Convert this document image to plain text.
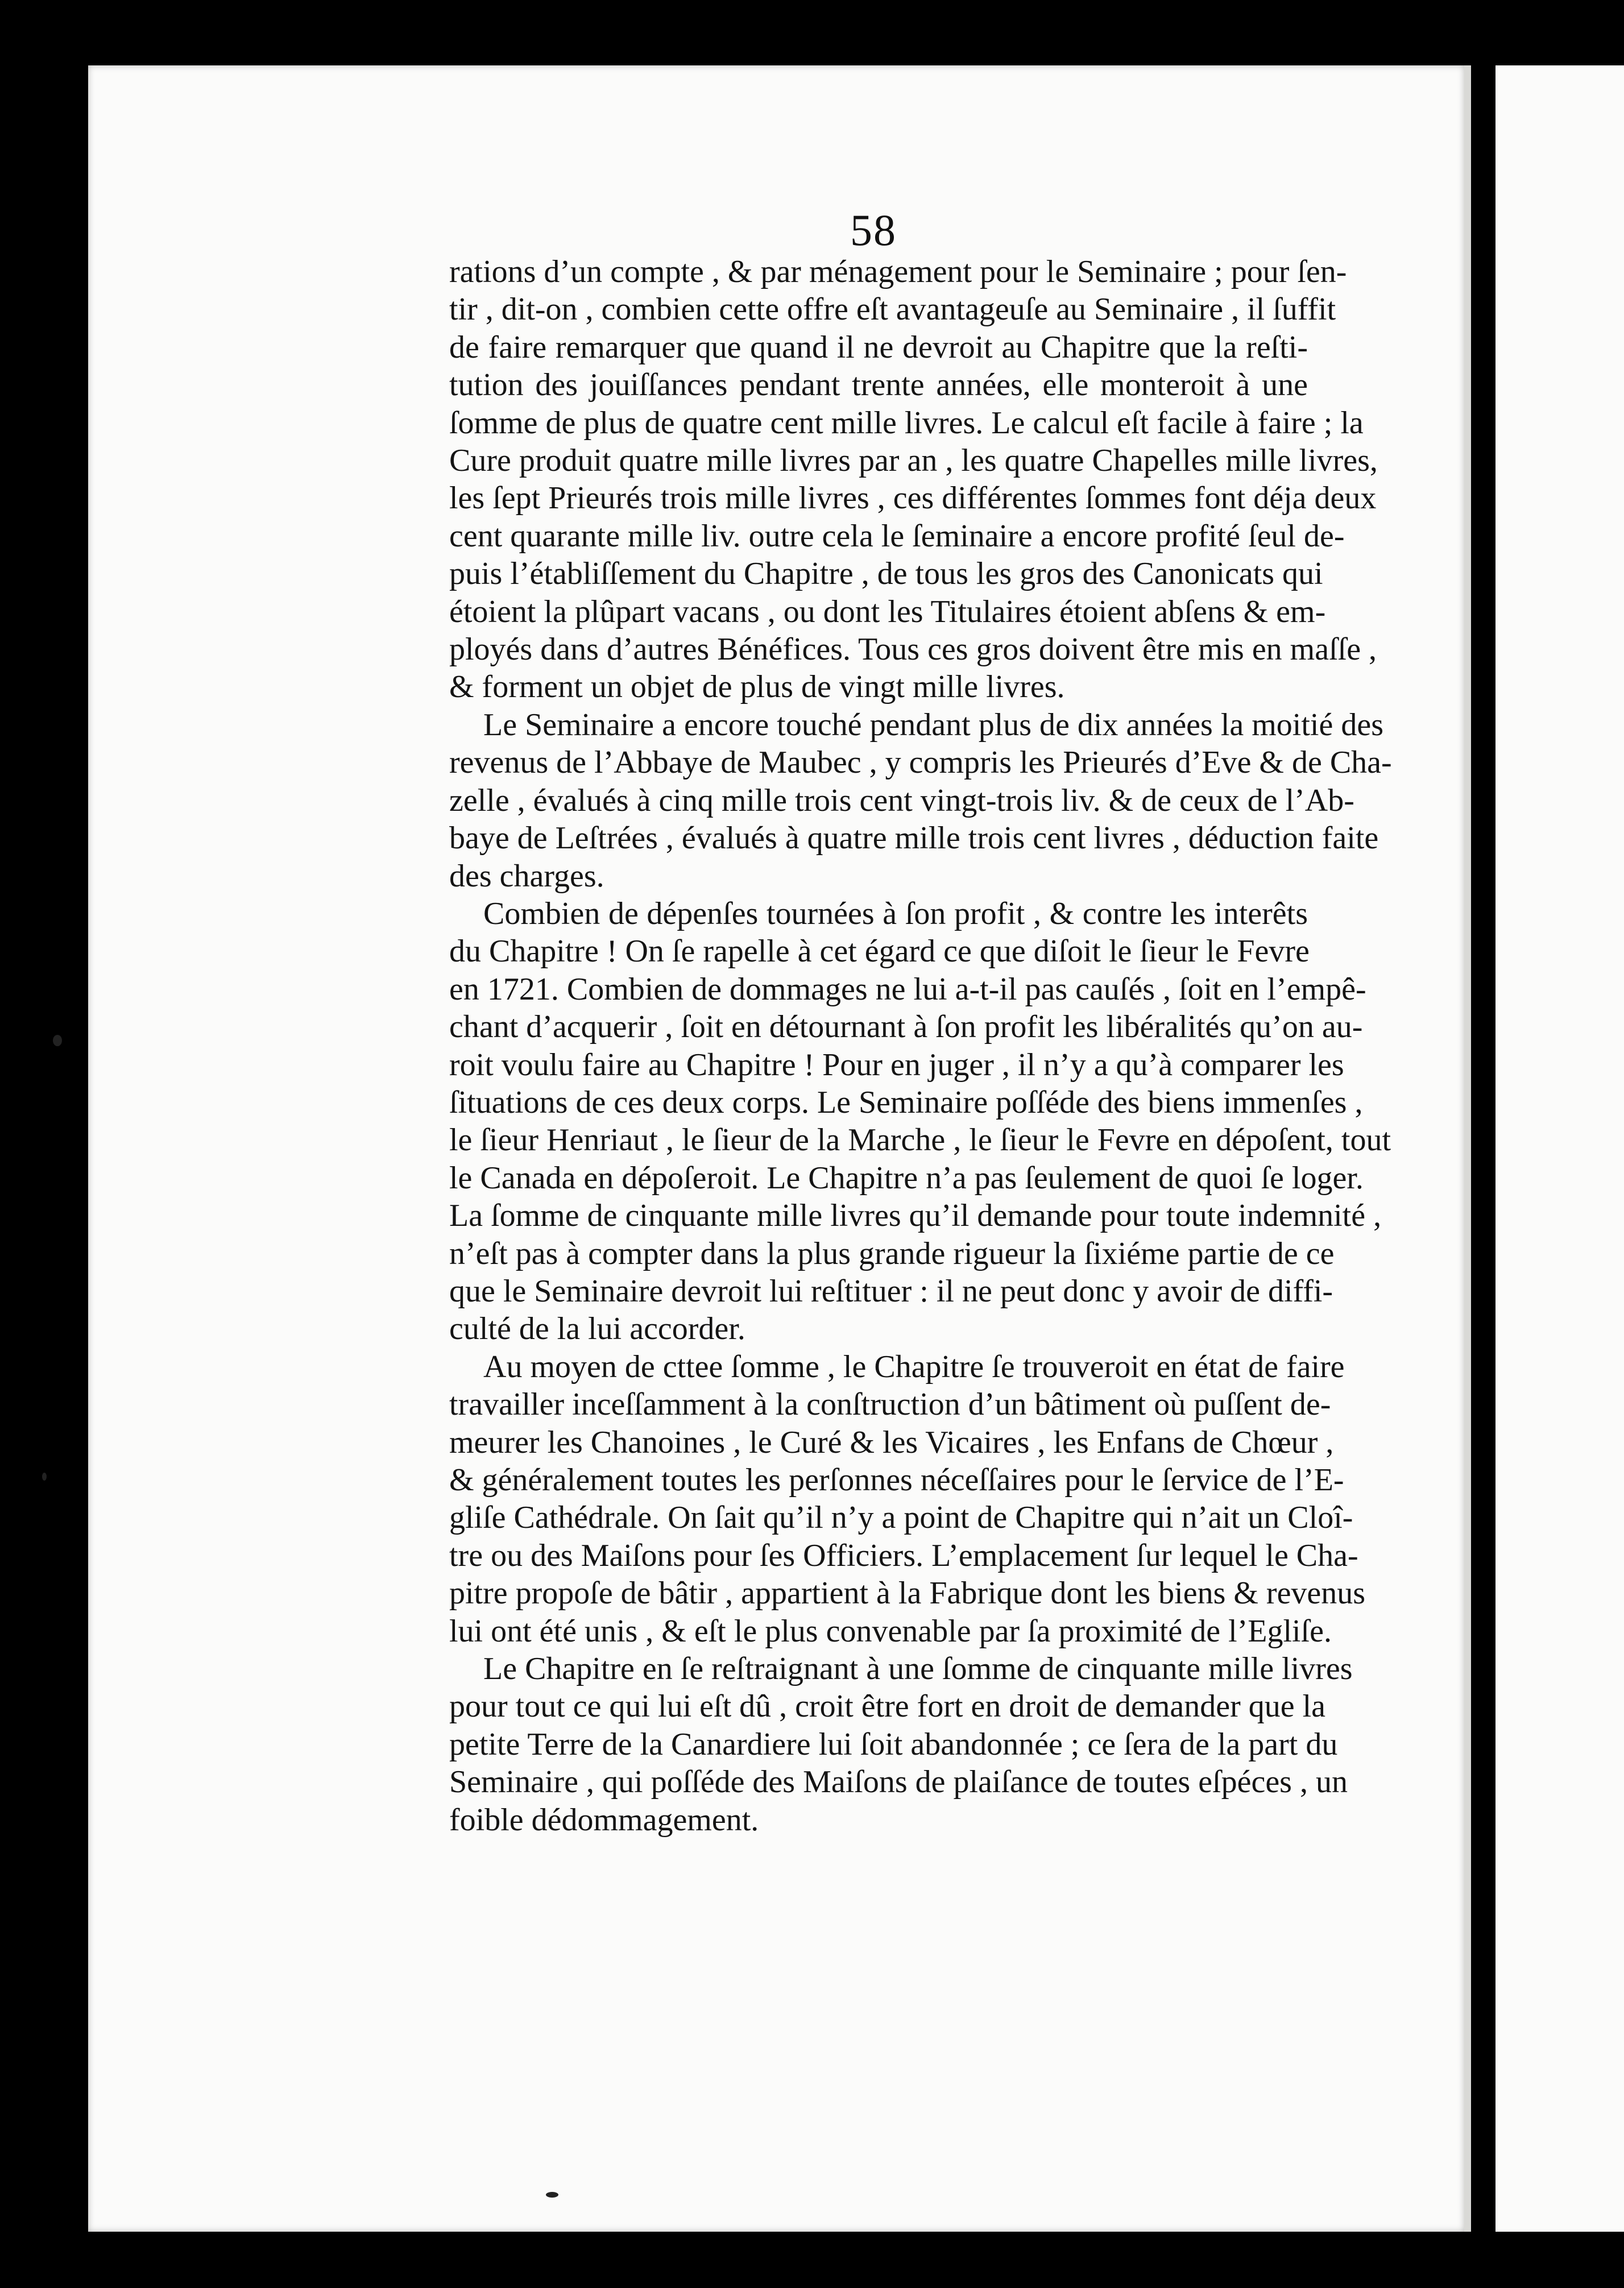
58
rations d’un compte , & par ménagement pour le Seminaire ; pour ſen-
tir , dit-on , combien cette offre eſt avantageuſe au Seminaire , il ſuffit
de faire remarquer que quand il ne devroit au Chapitre que la reſti-
tution des jouiſſances pendant trente années, elle monteroit à une
ſomme de plus de quatre cent mille livres. Le calcul eſt facile à faire ; la
Cure produit quatre mille livres par an , les quatre Chapelles mille livres,
les ſept Prieurés trois mille livres , ces différentes ſommes font déja deux
cent quarante mille liv. outre cela le ſeminaire a encore profité ſeul de-
puis l’établiſſement du Chapitre , de tous les gros des Canonicats qui
étoient la plûpart vacans , ou dont les Titulaires étoient abſens & em-
ployés dans d’autres Bénéfices. Tous ces gros doivent être mis en maſſe ,
& forment un objet de plus de vingt mille livres.
Le Seminaire a encore touché pendant plus de dix années la moitié des
revenus de l’Abbaye de Maubec , y compris les Prieurés d’Eve & de Cha-
zelle , évalués à cinq mille trois cent vingt-trois liv. & de ceux de l’Ab-
baye de Leſtrées , évalués à quatre mille trois cent livres , déduction faite
des charges.
Combien de dépenſes tournées à ſon profit , & contre les interêts
du Chapitre ! On ſe rapelle à cet égard ce que diſoit le ſieur le Fevre
en 1721. Combien de dommages ne lui a-t-il pas cauſés , ſoit en l’empê-
chant d’acquerir , ſoit en détournant à ſon profit les libéralités qu’on au-
roit voulu faire au Chapitre ! Pour en juger , il n’y a qu’à comparer les
ſituations de ces deux corps. Le Seminaire poſſéde des biens immenſes ,
le ſieur Henriaut , le ſieur de la Marche , le ſieur le Fevre en dépoſent, tout
le Canada en dépoſeroit. Le Chapitre n’a pas ſeulement de quoi ſe loger.
La ſomme de cinquante mille livres qu’il demande pour toute indemnité ,
n’eſt pas à compter dans la plus grande rigueur la ſixiéme partie de ce
que le Seminaire devroit lui reſtituer : il ne peut donc y avoir de diffi-
culté de la lui accorder.
Au moyen de cttee ſomme , le Chapitre ſe trouveroit en état de faire
travailler inceſſamment à la conſtruction d’un bâtiment où puſſent de-
meurer les Chanoines , le Curé & les Vicaires , les Enfans de Chœur ,
& généralement toutes les perſonnes néceſſaires pour le ſervice de l’E-
gliſe Cathédrale. On ſait qu’il n’y a point de Chapitre qui n’ait un Cloî-
tre ou des Maiſons pour ſes Officiers. L’emplacement ſur lequel le Cha-
pitre propoſe de bâtir , appartient à la Fabrique dont les biens & revenus
lui ont été unis , & eſt le plus convenable par ſa proximité de l’Egliſe.
Le Chapitre en ſe reſtraignant à une ſomme de cinquante mille livres
pour tout ce qui lui eſt dû , croit être fort en droit de demander que la
petite Terre de la Canardiere lui ſoit abandonnée ; ce ſera de la part du
Seminaire , qui poſſéde des Maiſons de plaiſance de toutes eſpéces , un
foible dédommagement.
